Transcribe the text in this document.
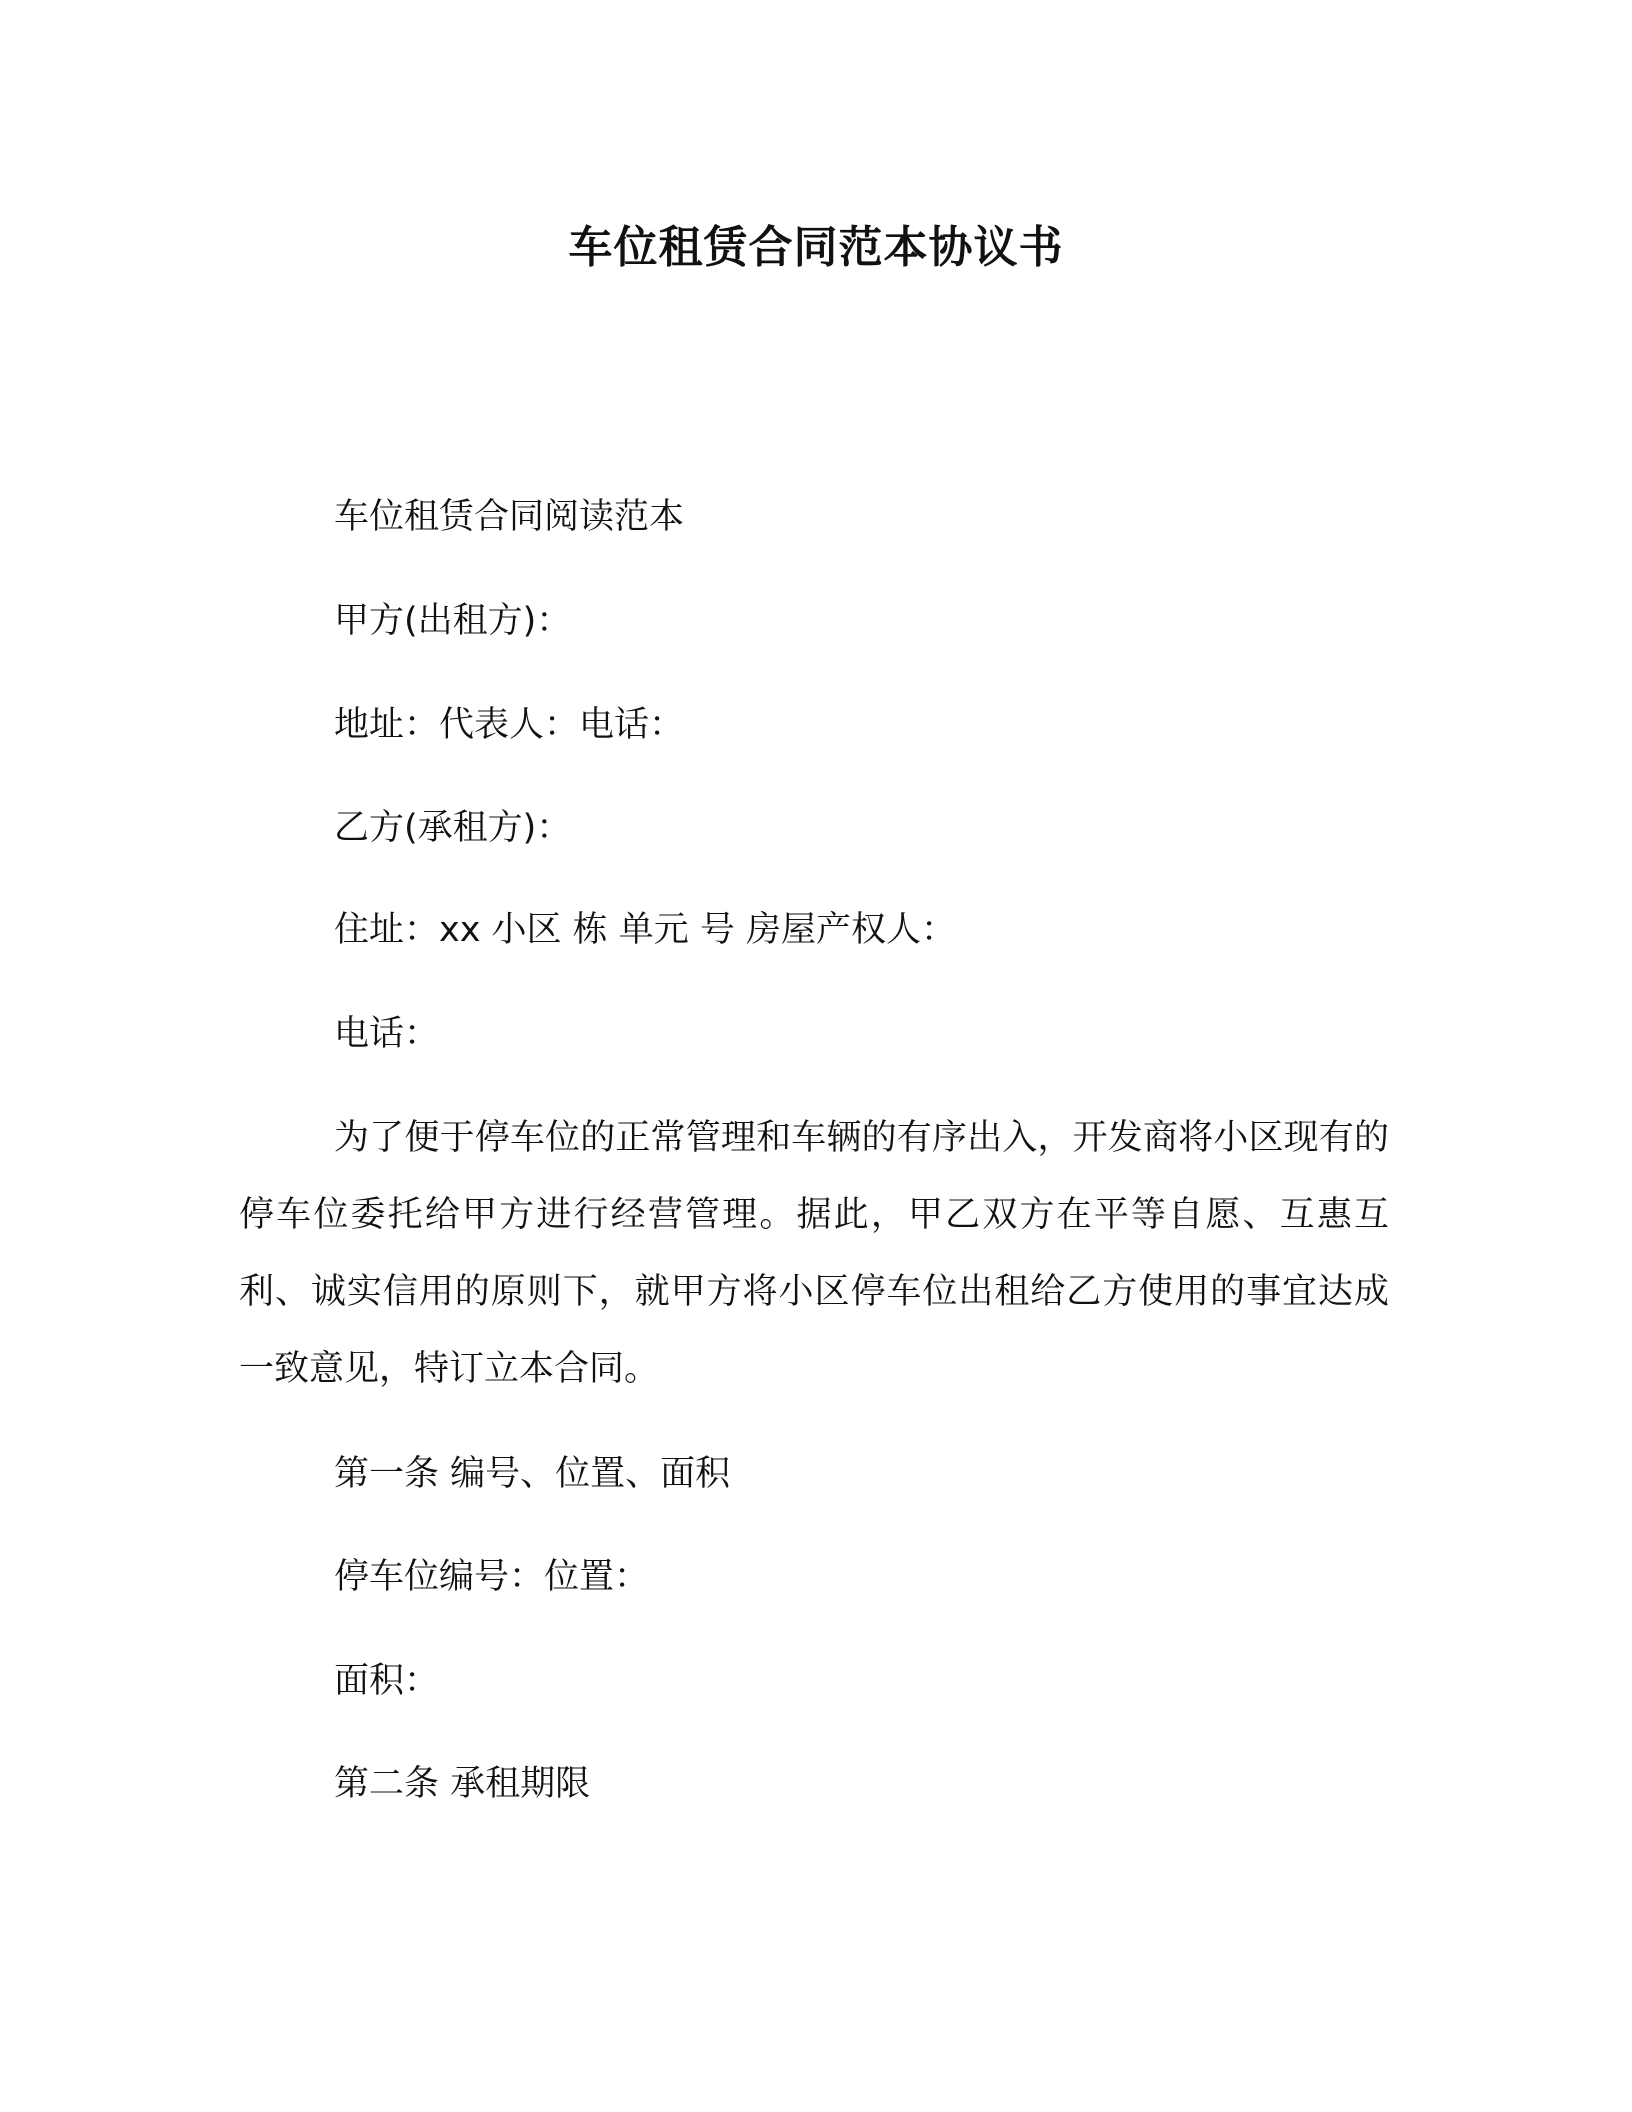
车位租赁合同范本协议书
车位租赁合同阅读范本
甲方(出租方)：
地址：代表人：电话：
乙方(承租方)：
住址：xx 小区 栋 单元 号 房屋产权人：
电话：
为了便于停车位的正常管理和车辆的有序出入，开发商将小区现有的停车位委托给甲方进行经营管理。据此，甲乙双方在平等自愿、互惠互利、诚实信用的原则下，就甲方将小区停车位出租给乙方使用的事宜达成一致意见，特订立本合同。
第一条 编号、位置、面积
停车位编号：位置：
面积：
第二条 承租期限
